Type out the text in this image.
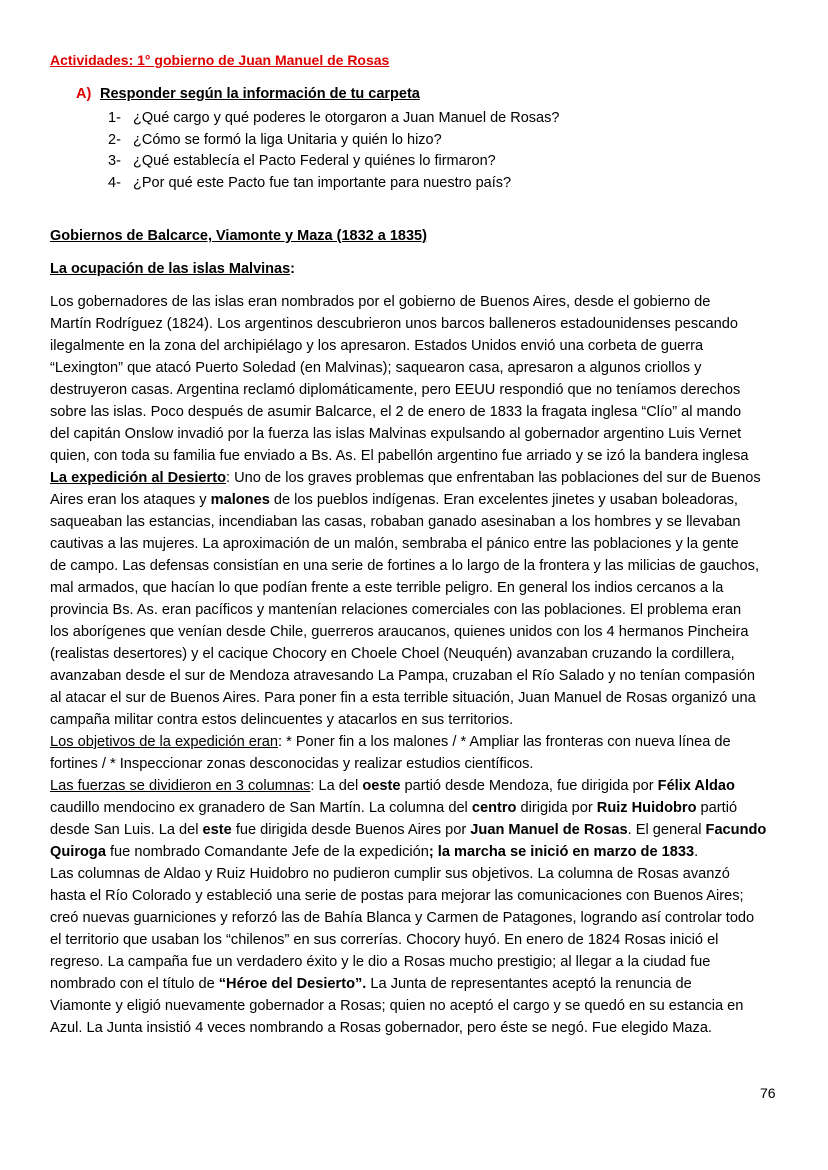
Actividades: 1° gobierno de Juan Manuel de Rosas
A) Responder según la información de tu carpeta
1- ¿Qué cargo y qué poderes le otorgaron a Juan Manuel de Rosas?
2- ¿Cómo se formó la liga Unitaria y quién lo hizo?
3- ¿Qué establecía el Pacto Federal y quiénes lo firmaron?
4- ¿Por qué este Pacto fue tan importante para nuestro país?
Gobiernos de Balcarce, Viamonte y Maza (1832 a 1835)
La ocupación de las islas Malvinas:
Los gobernadores de las islas eran nombrados por el gobierno de Buenos Aires, desde el gobierno de
Martín Rodríguez (1824). Los argentinos descubrieron unos barcos balleneros estadounidenses pescando
ilegalmente en la zona del archipiélago y los apresaron. Estados Unidos envió una corbeta de guerra
“Lexington” que atacó Puerto Soledad (en Malvinas); saquearon casa, apresaron a algunos criollos y
destruyeron casas. Argentina reclamó diplomáticamente, pero EEUU respondió que no teníamos derechos
sobre las islas. Poco después de asumir Balcarce, el 2 de enero de 1833 la fragata inglesa “Clío” al mando
del capitán Onslow invadió por la fuerza las islas Malvinas expulsando al gobernador argentino Luis Vernet
quien, con toda su familia fue enviado a Bs. As. El pabellón argentino fue arriado y se izó la bandera inglesa
La expedición al Desierto: Uno de los graves problemas que enfrentaban las poblaciones del sur de Buenos
Aires eran los ataques y malones de los pueblos indígenas. Eran excelentes jinetes y usaban boleadoras,
saqueaban las estancias, incendiaban las casas, robaban ganado asesinaban a los hombres y se llevaban
cautivas a las mujeres. La aproximación de un malón, sembraba el pánico entre las poblaciones y la gente
de campo. Las defensas consistían en una serie de fortines a lo largo de la frontera y las milicias de gauchos,
mal armados, que hacían lo que podían frente a este terrible peligro. En general los indios cercanos a la
provincia Bs. As. eran pacíficos y mantenían relaciones comerciales con las poblaciones. El problema eran
los aborígenes que venían desde Chile, guerreros araucanos, quienes unidos con los 4 hermanos Pincheira
(realistas desertores) y el cacique Chocory en Choele Choel (Neuquén) avanzaban cruzando la cordillera,
avanzaban desde el sur de Mendoza atravesando La Pampa, cruzaban el Río Salado y no tenían compasión
al atacar el sur de Buenos Aires. Para poner fin a esta terrible situación, Juan Manuel de Rosas organizó una
campaña militar contra estos delincuentes y atacarlos en sus territorios.
Los objetivos de la expedición eran: * Poner fin a los malones / * Ampliar las fronteras con nueva línea de
fortines / * Inspeccionar zonas desconocidas y realizar estudios científicos.
Las fuerzas se dividieron en 3 columnas: La del oeste partió desde Mendoza, fue dirigida por Félix Aldao
caudillo mendocino ex granadero de San Martín. La columna del centro dirigida por Ruiz Huidobro partió
desde San Luis. La del este fue dirigida desde Buenos Aires por Juan Manuel de Rosas. El general Facundo
Quiroga fue nombrado Comandante Jefe de la expedición; la marcha se inició en marzo de 1833.
Las columnas de Aldao y Ruiz Huidobro no pudieron cumplir sus objetivos. La columna de Rosas avanzó
hasta el Río Colorado y estableció una serie de postas para mejorar las comunicaciones con Buenos Aires;
creó nuevas guarniciones y reforzó las de Bahía Blanca y Carmen de Patagones, logrando así controlar todo
el territorio que usaban los “chilenos” en sus correrías. Chocory huyó. En enero de 1824 Rosas inició el
regreso. La campaña fue un verdadero éxito y le dio a Rosas mucho prestigio; al llegar a la ciudad fue
nombrado con el título de “Héroe del Desierto”. La Junta de representantes aceptó la renuncia de
Viamonte y eligió nuevamente gobernador a Rosas; quien no aceptó el cargo y se quedó en su estancia en
Azul. La Junta insistió 4 veces nombrando a Rosas gobernador, pero éste se negó. Fue elegido Maza.
76
